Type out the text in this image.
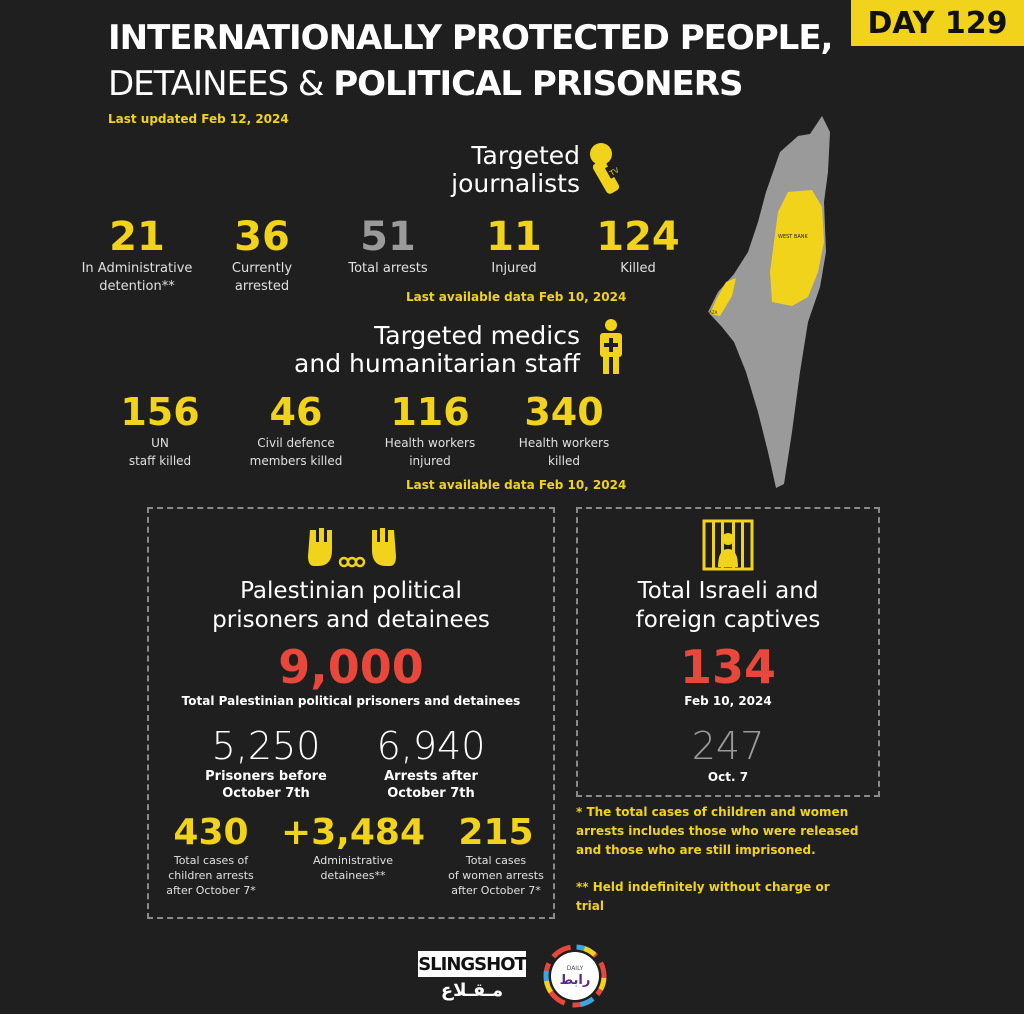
DAY 129
INTERNATIONALLY PROTECTED PEOPLE,
DETAINEES & POLITICAL PRISONERS
Last updated Feb 12, 2024
Targeted
journalists	TV
21
In Administrative
detention**
36
Currently
arrested
51
Total arrests
11
Injured
124
Killed
Last available data Feb 10, 2024
Targeted medics
and humanitarian staff
156
UN
staff killed
46
Civil defence
members killed
116
Health workers
injured
340
Health workers
killed
Last available data Feb 10, 2024
WEST BANK
GAZA
Palestinian political
prisoners and detainees
9,000
Total Palestinian political prisoners and detainees
5,250
Prisoners before
October 7th
6,940
Arrests after
October 7th
430
Total cases of
children arrests
after October 7*
+3,484
Administrative
detainees**
215
Total cases
of women arrests
after October 7*
Total Israeli and
foreign captives
134
Feb 10, 2024
247
Oct. 7
* The total cases of children and women
arrests includes those who were released
and those who are still imprisoned.
** Held indefinitely without charge or
trial
SLINGSHOT
مـقـلاع
DAILY
رابط
